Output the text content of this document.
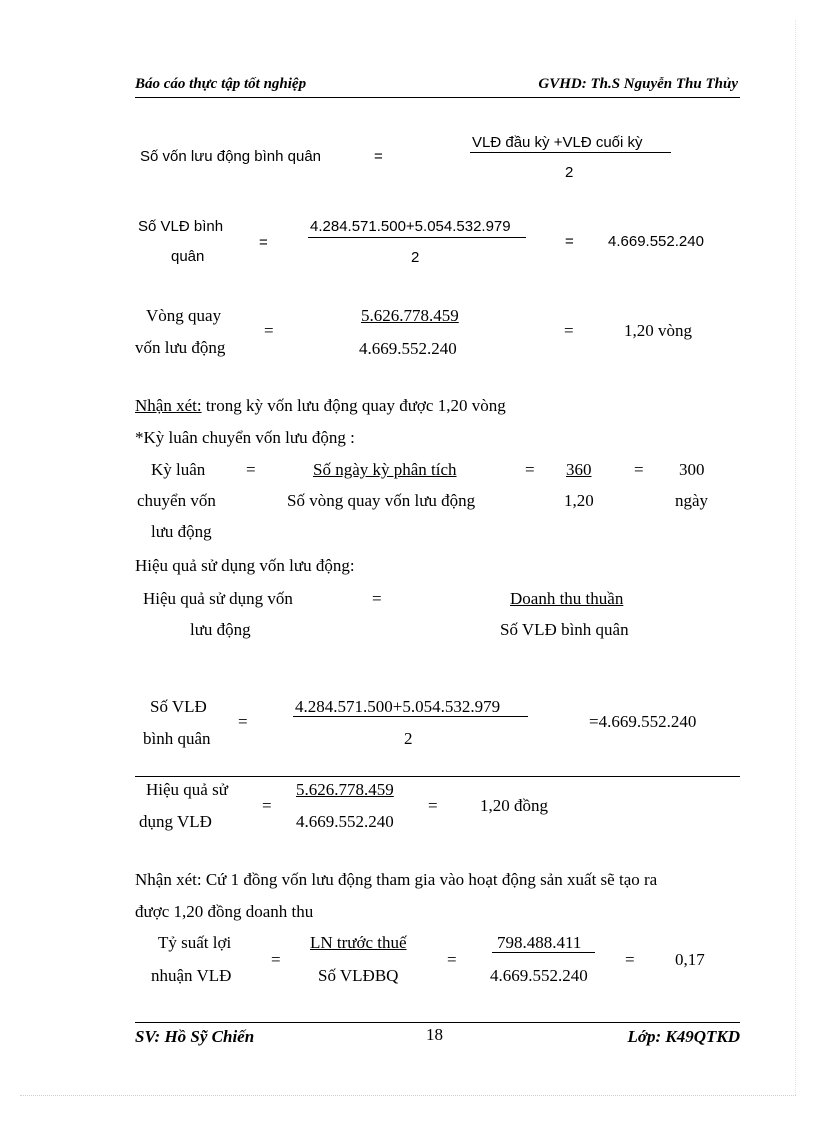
Báo cáo thực tập tốt nghiệp	GVHD: Th.S Nguyễn Thu Thủy
Số vốn lưu động bình quân	=
VLĐ đầu kỳ +VLĐ cuối kỳ
2
Số VLĐ bình
quân
=
4.284.571.500+5.054.532.979
2
= 4.669.552.240
Vòng quay
vốn lưu động
=
5.626.778.459
4.669.552.240
=	1,20 vòng
Nhận xét: trong kỳ vốn lưu động quay được 1,20 vòng
*Kỳ luân chuyển vốn lưu động :
Kỳ luân
chuyển vốn
lưu động
=	Số ngày kỳ phân tích
Số vòng quay vốn lưu động
= 360
1,20
= 300
ngày
Hiệu quả sử dụng vốn lưu động:
Hiệu quả sử dụng vốn
lưu động
=	Doanh thu thuần
Số VLĐ bình quân
Số VLĐ
bình quân
=
4.284.571.500+5.054.532.979
2
=4.669.552.240
Hiệu quả sử
dụng VLĐ
=
5.626.778.459
4.669.552.240
= 1,20 đồng
Nhận xét: Cứ 1 đồng vốn lưu động tham gia vào hoạt động sản xuất sẽ tạo ra
được 1,20 đồng doanh thu
Tỷ suất lợi
nhuận VLĐ
=
LN trước thuế
Số VLĐBQ
=
798.488.411
4.669.552.240
= 0,17
SV: Hồ Sỹ Chiến	18	Lớp: K49QTKD
